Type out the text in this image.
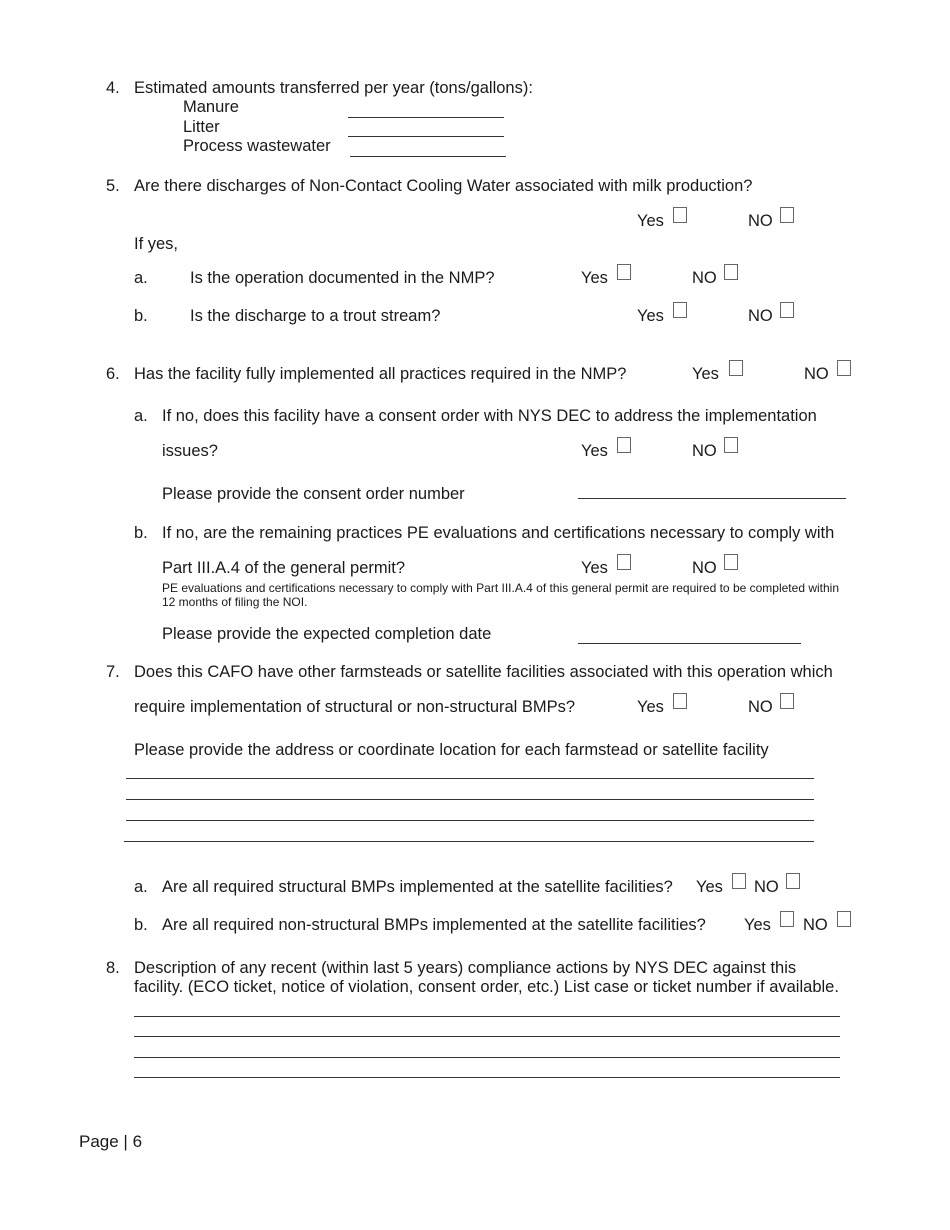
4. Estimated amounts transferred per year (tons/gallons):
Manure
Litter
Process wastewater
5. Are there discharges of Non-Contact Cooling Water associated with milk production?
Yes	NO
If yes,
a.	Is the operation documented in the NMP?	Yes	NO
b.	Is the discharge to a trout stream?	Yes	NO
6. Has the facility fully implemented all practices required in the NMP?	Yes	NO
a. If no, does this facility have a consent order with NYS DEC to address the implementation
issues?	Yes	NO
Please provide the consent order number
b. If no, are the remaining practices PE evaluations and certifications necessary to comply with
Part III.A.4 of the general permit?	Yes	NO
PE evaluations and certifications necessary to comply with Part III.A.4 of this general permit are required to be completed within
12 months of filing the NOI.
Please provide the expected completion date
7. Does this CAFO have other farmsteads or satellite facilities associated with this operation which
require implementation of structural or non-structural BMPs?	Yes	NO
Please provide the address or coordinate location for each farmstead or satellite facility
a. Are all required structural BMPs implemented at the satellite facilities? Yes NO
b. Are all required non-structural BMPs implemented at the satellite facilities? Yes NO
8. Description of any recent (within last 5 years) compliance actions by NYS DEC against this
facility. (ECO ticket, notice of violation, consent order, etc.) List case or ticket number if available.
Page | 6
